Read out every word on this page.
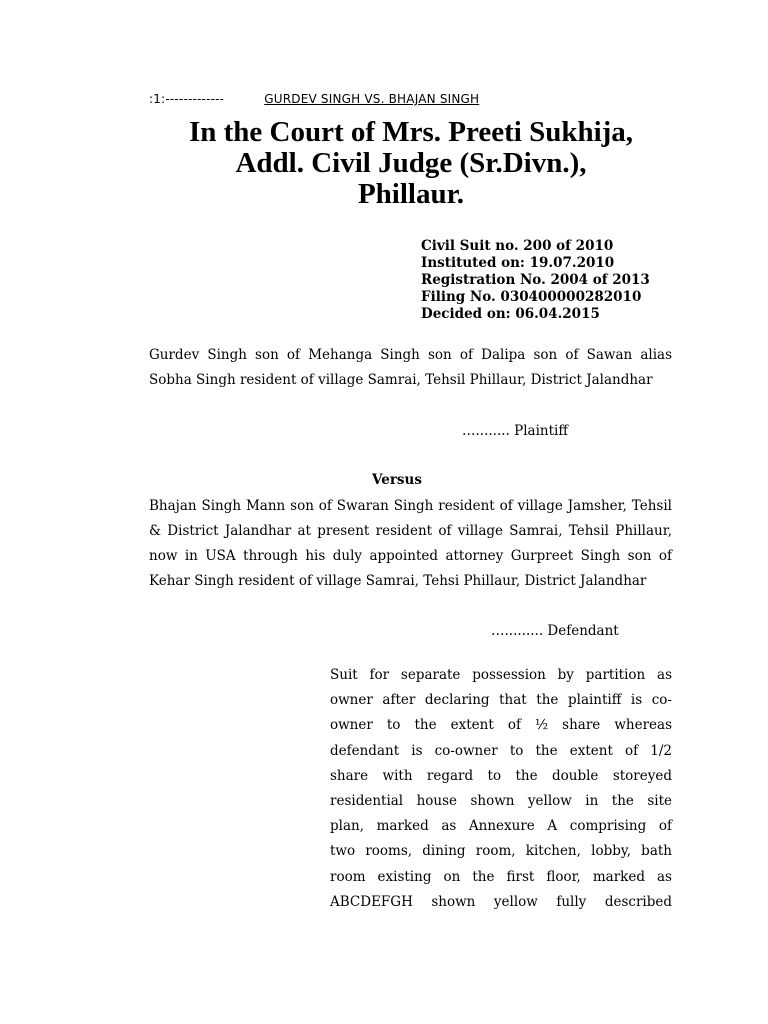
:1:-------------	GURDEV SINGH VS. BHAJAN SINGH
In the Court of Mrs. Preeti Sukhija,
Addl. Civil Judge (Sr.Divn.),
Phillaur.
Civil Suit no. 200 of 2010
Instituted on: 19.07.2010
Registration No. 2004 of 2013
Filing No. 030400000282010
Decided on: 06.04.2015
Gurdev Singh son of Mehanga Singh son of Dalipa son of Sawan alias Sobha Singh resident of village Samrai, Tehsil Phillaur, District Jalandhar
…........ Plaintiff
Versus
Bhajan Singh Mann son of Swaran Singh resident of village Jamsher, Tehsil & District Jalandhar at present resident of village Samrai, Tehsil Phillaur, now in USA through his duly appointed attorney Gurpreet Singh son of Kehar Singh resident of village Samrai, Tehsi Phillaur, District Jalandhar
…......... Defendant
Suit for separate possession by partition as
owner after declaring that the plaintiff is co-
owner to the extent of ½ share whereas
defendant is co-owner to the extent of 1/2
share with regard to the double storeyed
residential house shown yellow in the site
plan, marked as Annexure A comprising of
two rooms, dining room, kitchen, lobby, bath
room existing on the first floor, marked as
ABCDEFGH shown yellow fully described
